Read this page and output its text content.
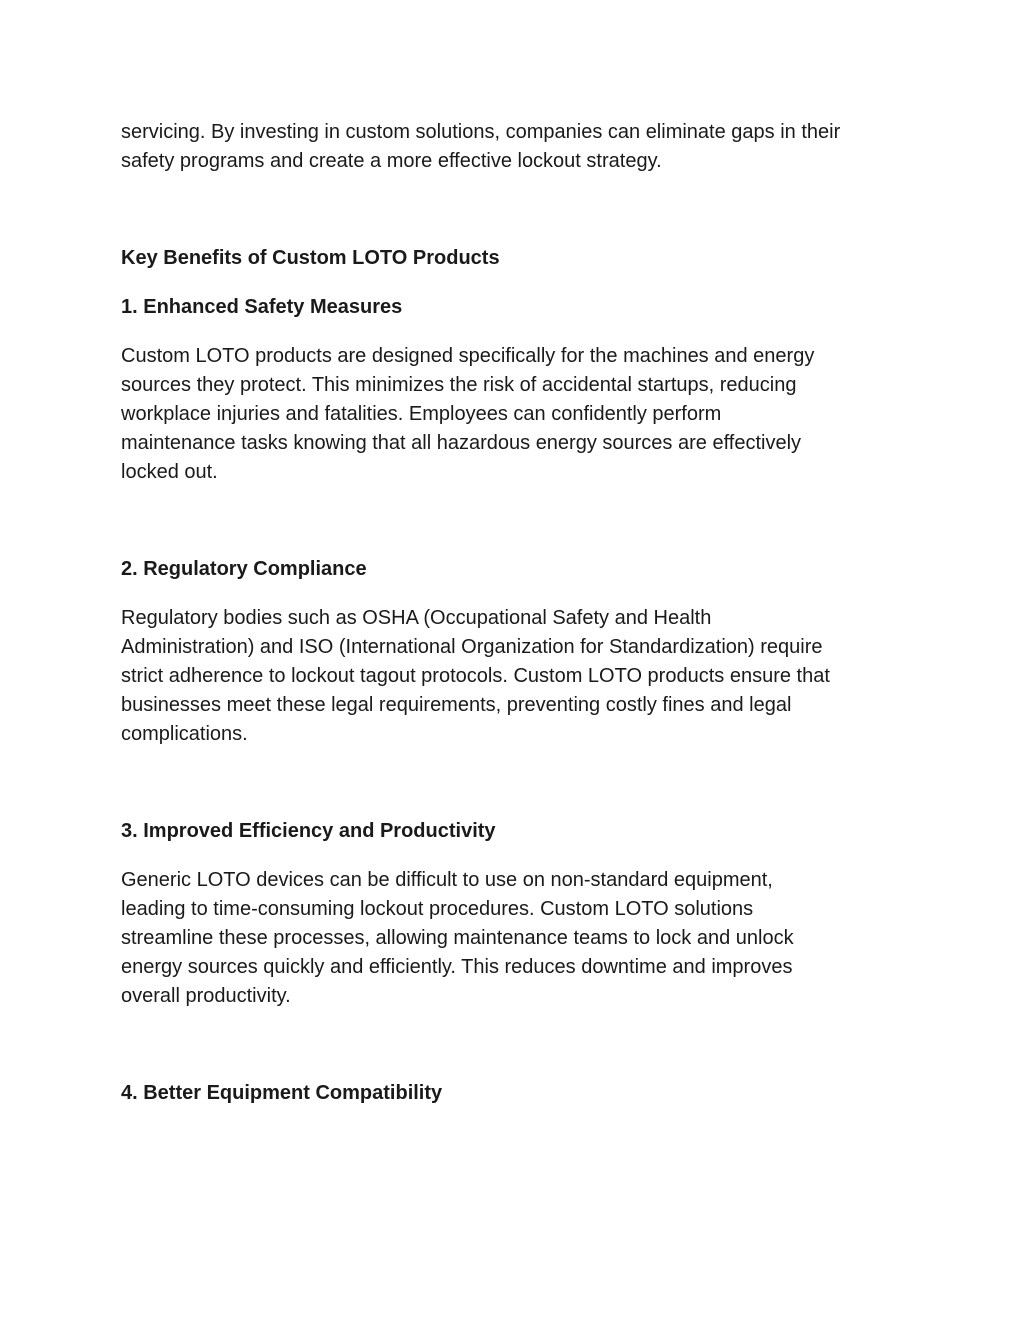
servicing. By investing in custom solutions, companies can eliminate gaps in their
safety programs and create a more effective lockout strategy.

Key Benefits of Custom LOTO Products
1. Enhanced Safety Measures

Custom LOTO products are designed specifically for the machines and energy
sources they protect. This minimizes the risk of accidental startups, reducing
workplace injuries and fatalities. Employees can confidently perform
maintenance tasks knowing that all hazardous energy sources are effectively
locked out.

2. Regulatory Compliance

Regulatory bodies such as OSHA (Occupational Safety and Health
Administration) and ISO (International Organization for Standardization) require
strict adherence to lockout tagout protocols. Custom LOTO products ensure that
businesses meet these legal requirements, preventing costly fines and legal
complications.

3. Improved Efficiency and Productivity

Generic LOTO devices can be difficult to use on non-standard equipment,
leading to time-consuming lockout procedures. Custom LOTO solutions
streamline these processes, allowing maintenance teams to lock and unlock
energy sources quickly and efficiently. This reduces downtime and improves
overall productivity.

4. Better Equipment Compatibility
